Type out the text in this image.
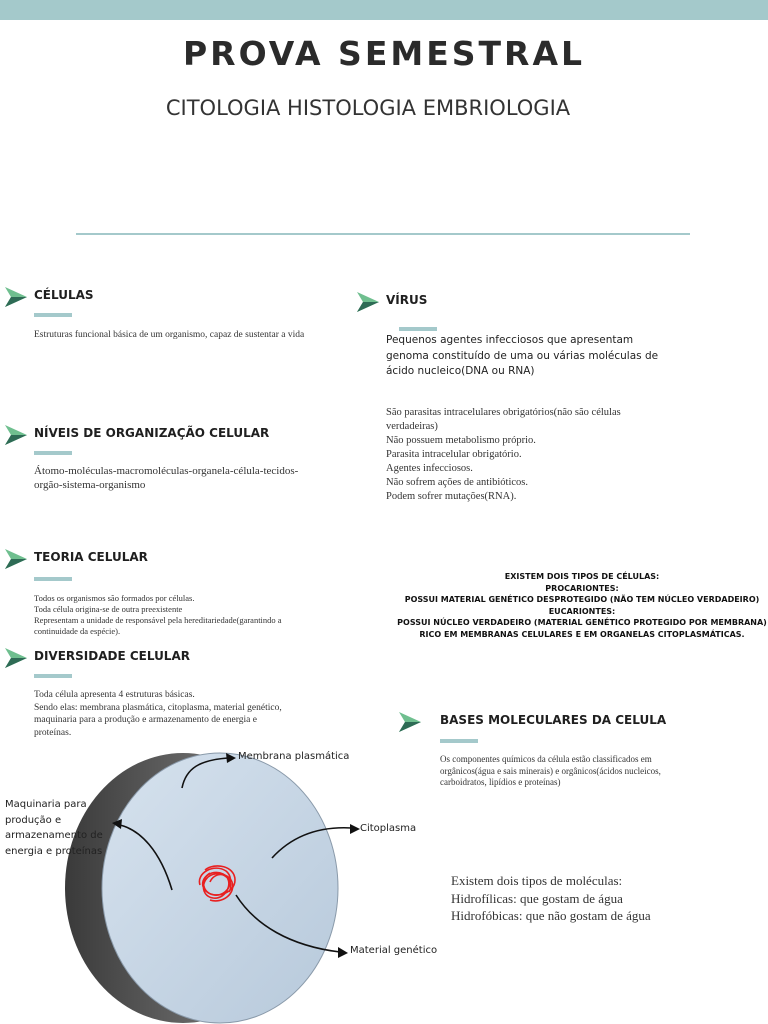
PROVA SEMESTRAL
CITOLOGIA HISTOLOGIA EMBRIOLOGIA
CÉLULAS
Estruturas funcional básica de um organismo, capaz de sustentar a vida
NÍVEIS DE ORGANIZAÇÃO CELULAR
Átomo-moléculas-macromoléculas-organela-célula-tecidos-orgão-sistema-organismo
TEORIA CELULAR
Todos os organismos são formados por células.
Toda célula origina-se de outra preexistente
Representam a unidade de responsável pela hereditariedade(garantindo a
continuidade da espécie).
DIVERSIDADE CELULAR
Toda célula apresenta 4 estruturas básicas.
Sendo elas: membrana plasmática, citoplasma, material genético,
maquinaria para a produção e armazenamento de energia e
proteínas.
VÍRUS
Pequenos agentes infecciosos que apresentam
genoma constituído de uma ou várias moléculas de
ácido nucleico(DNA ou RNA)
São parasitas intracelulares obrigatórios(não são células
verdadeiras)
Não possuem metabolismo próprio.
Parasita intracelular obrigatório.
Agentes infecciosos.
Não sofrem ações de antibióticos.
Podem sofrer mutações(RNA).
EXISTEM DOIS TIPOS DE CÉLULAS:
PROCARIONTES:
POSSUI MATERIAL GENÉTICO DESPROTEGIDO (NÃO TEM NÚCLEO VERDADEIRO)
EUCARIONTES:
POSSUI NÚCLEO VERDADEIRO (MATERIAL GENÉTICO PROTEGIDO POR MEMBRANA)
RICO EM MEMBRANAS CELULARES E EM ORGANELAS CITOPLASMÁTICAS.
BASES MOLECULARES DA CELULA
Os componentes químicos da célula estão classificados em
orgânicos(água e sais minerais) e orgânicos(ácidos nucleicos,
carboidratos, lipídios e proteínas)
Existem dois tipos de moléculas:
Hidrofílicas: que gostam de água
Hidrofóbicas: que não gostam de água
Membrana plasmática
Citoplasma
Material genético
Maquinaria para
produção e
armazenamento de
energia e proteínas
